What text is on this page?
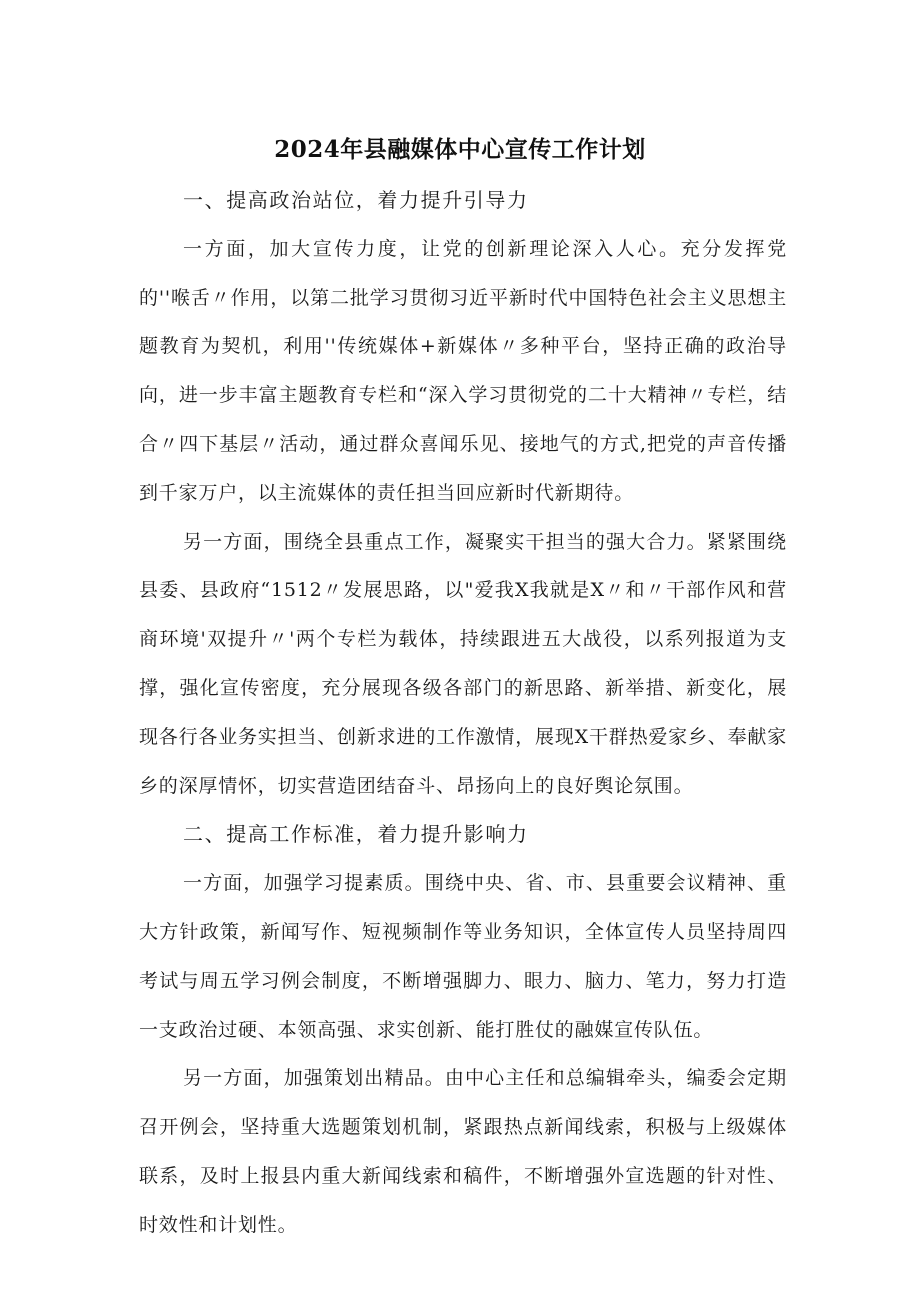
2024年县融媒体中心宣传工作计划

一、提高政治站位，着力提升引导力

一方面，加大宣传力度，让党的创新理论深入人心。充分发挥党的''喉舌〃作用，以第二批学习贯彻习近平新时代中国特色社会主义思想主题教育为契机，利用''传统媒体+新媒体〃多种平台，坚持正确的政治导向，进一步丰富主题教育专栏和“深入学习贯彻党的二十大精神〃专栏，结合〃四下基层〃活动，通过群众喜闻乐见、接地气的方式,把党的声音传播到千家万户，以主流媒体的责任担当回应新时代新期待。

另一方面，围绕全县重点工作，凝聚实干担当的强大合力。紧紧围绕县委、县政府“1512〃发展思路，以"爱我X我就是X〃和〃干部作风和营商环境'双提升〃'两个专栏为载体，持续跟进五大战役，以系列报道为支撑，强化宣传密度，充分展现各级各部门的新思路、新举措、新变化，展现各行各业务实担当、创新求进的工作激情，展现X干群热爱家乡、奉献家乡的深厚情怀，切实营造团结奋斗、昂扬向上的良好舆论氛围。

二、提高工作标准，着力提升影响力

一方面，加强学习提素质。围绕中央、省、市、县重要会议精神、重大方针政策，新闻写作、短视频制作等业务知识，全体宣传人员坚持周四考试与周五学习例会制度，不断增强脚力、眼力、脑力、笔力，努力打造一支政治过硬、本领高强、求实创新、能打胜仗的融媒宣传队伍。

另一方面，加强策划出精品。由中心主任和总编辑牵头，编委会定期召开例会，坚持重大选题策划机制，紧跟热点新闻线索，积极与上级媒体联系，及时上报县内重大新闻线索和稿件，不断增强外宣选题的针对性、时效性和计划性。
